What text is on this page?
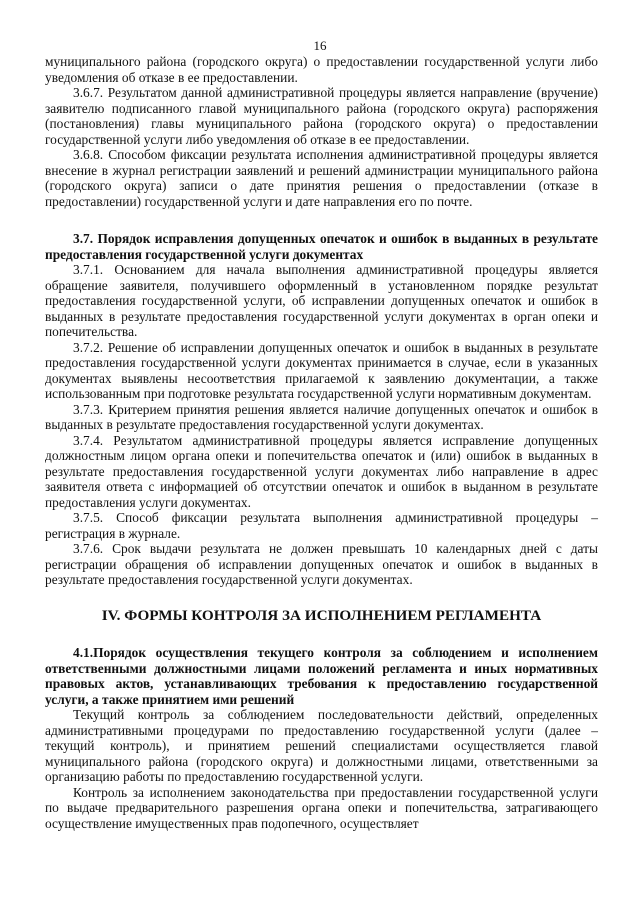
16

муниципального района (городского округа) о предоставлении государственной услуги либо уведомления об отказе в ее предоставлении.

3.6.7. Результатом данной административной процедуры является направление (вручение) заявителю подписанного главой муниципального района (городского округа) распоряжения (постановления) главы муниципального района (городского округа) о предоставлении государственной услуги либо уведомления об отказе в ее предоставлении.

3.6.8. Способом фиксации результата исполнения административной процедуры является внесение в журнал регистрации заявлений и решений администрации муниципального района (городского округа) записи о дате принятия решения о предоставлении (отказе в предоставлении) государственной услуги и дате направления его по почте.

3.7. Порядок исправления допущенных опечаток и ошибок в выданных в результате предоставления государственной услуги документах

3.7.1. Основанием для начала выполнения административной процедуры является обращение заявителя, получившего оформленный в установленном порядке результат предоставления государственной услуги, об исправлении допущенных опечаток и ошибок в выданных в результате предоставления государственной услуги документах в орган опеки и попечительства.

3.7.2. Решение об исправлении допущенных опечаток и ошибок в выданных в результате предоставления государственной услуги документах принимается в случае, если в указанных документах выявлены несоответствия прилагаемой к заявлению документации, а также использованным при подготовке результата государственной услуги нормативным документам.

3.7.3. Критерием принятия решения является наличие допущенных опечаток и ошибок в выданных в результате предоставления государственной услуги документах.

3.7.4. Результатом административной процедуры является исправление допущенных должностным лицом органа опеки и попечительства опечаток и (или) ошибок в выданных в результате предоставления государственной услуги документах либо направление в адрес заявителя ответа с информацией об отсутствии опечаток и ошибок в выданном в результате предоставления услуги документах.

3.7.5. Способ фиксации результата выполнения административной процедуры – регистрация в журнале.

3.7.6. Срок выдачи результата не должен превышать 10 календарных дней с даты регистрации обращения об исправлении допущенных опечаток и ошибок в выданных в результате предоставления государственной услуги документах.

IV. ФОРМЫ КОНТРОЛЯ ЗА ИСПОЛНЕНИЕМ РЕГЛАМЕНТА

4.1.Порядок осуществления текущего контроля за соблюдением и исполнением ответственными должностными лицами положений регламента и иных нормативных правовых актов, устанавливающих требования к предоставлению государственной услуги, а также принятием ими решений

Текущий контроль за соблюдением последовательности действий, определенных административными процедурами по предоставлению государственной услуги (далее – текущий контроль), и принятием решений специалистами осуществляется главой муниципального района (городского округа) и должностными лицами, ответственными за организацию работы по предоставлению государственной услуги.

Контроль за исполнением законодательства при предоставлении государственной услуги по выдаче предварительного разрешения органа опеки и попечительства, затрагивающего осуществление имущественных прав подопечного, осуществляет
